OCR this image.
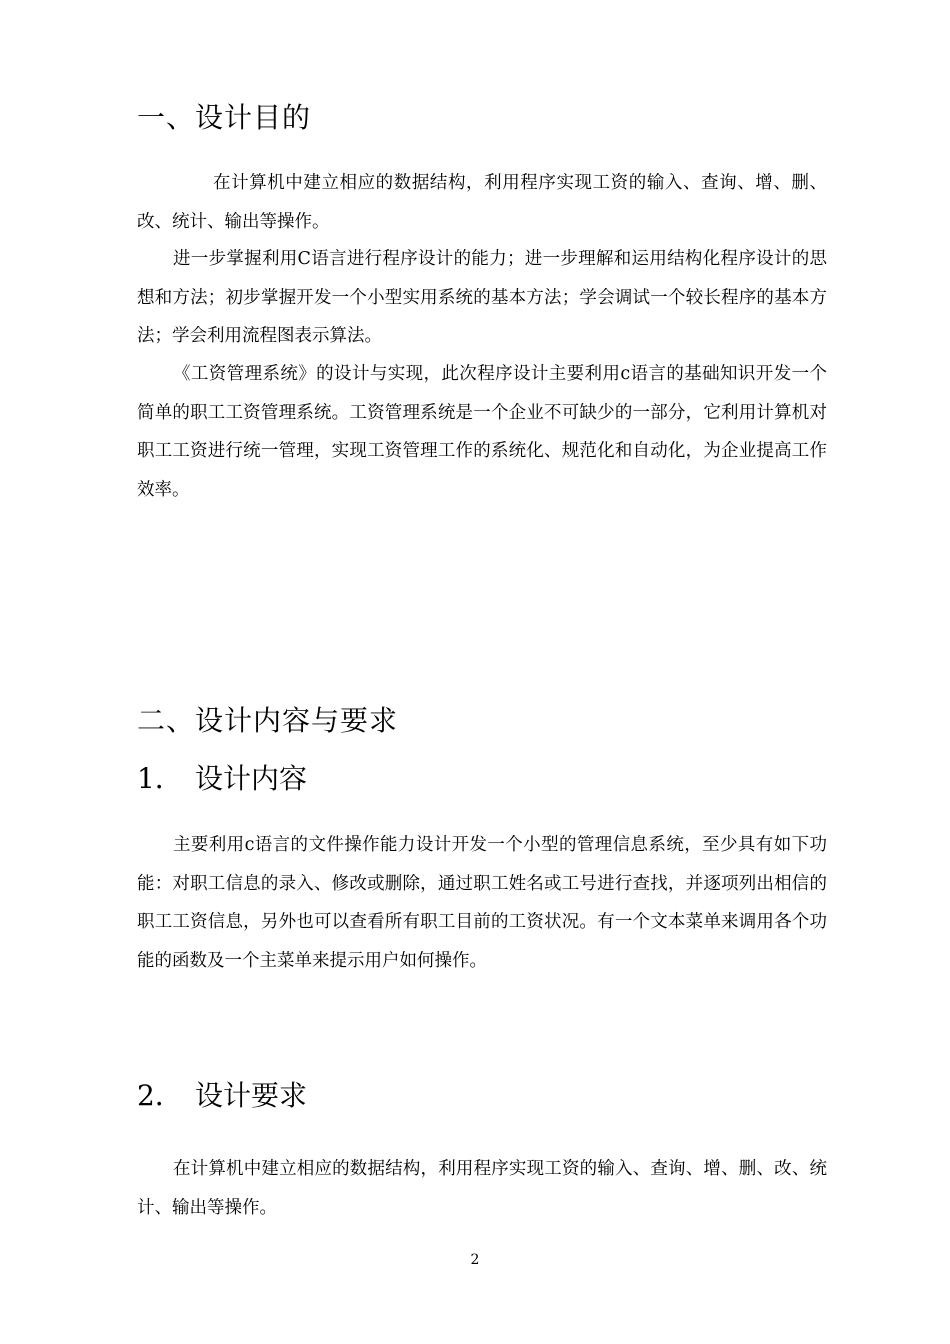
一、设计目的

在计算机中建立相应的数据结构，利用程序实现工资的输入、查询、增、删、改、统计、输出等操作。

进一步掌握利用C语言进行程序设计的能力；进一步理解和运用结构化程序设计的思想和方法；初步掌握开发一个小型实用系统的基本方法；学会调试一个较长程序的基本方法；学会利用流程图表示算法。

《工资管理系统》的设计与实现，此次程序设计主要利用c语言的基础知识开发一个简单的职工工资管理系统。工资管理系统是一个企业不可缺少的一部分，它利用计算机对职工工资进行统一管理，实现工资管理工作的系统化、规范化和自动化，为企业提高工作效率。

二、设计内容与要求
1． 设计内容

主要利用c语言的文件操作能力设计开发一个小型的管理信息系统，至少具有如下功能：对职工信息的录入、修改或删除，通过职工姓名或工号进行查找，并逐项列出相信的职工工资信息，另外也可以查看所有职工目前的工资状况。有一个文本菜单来调用各个功能的函数及一个主菜单来提示用户如何操作。

2． 设计要求

在计算机中建立相应的数据结构，利用程序实现工资的输入、查询、增、删、改、统计、输出等操作。

2
